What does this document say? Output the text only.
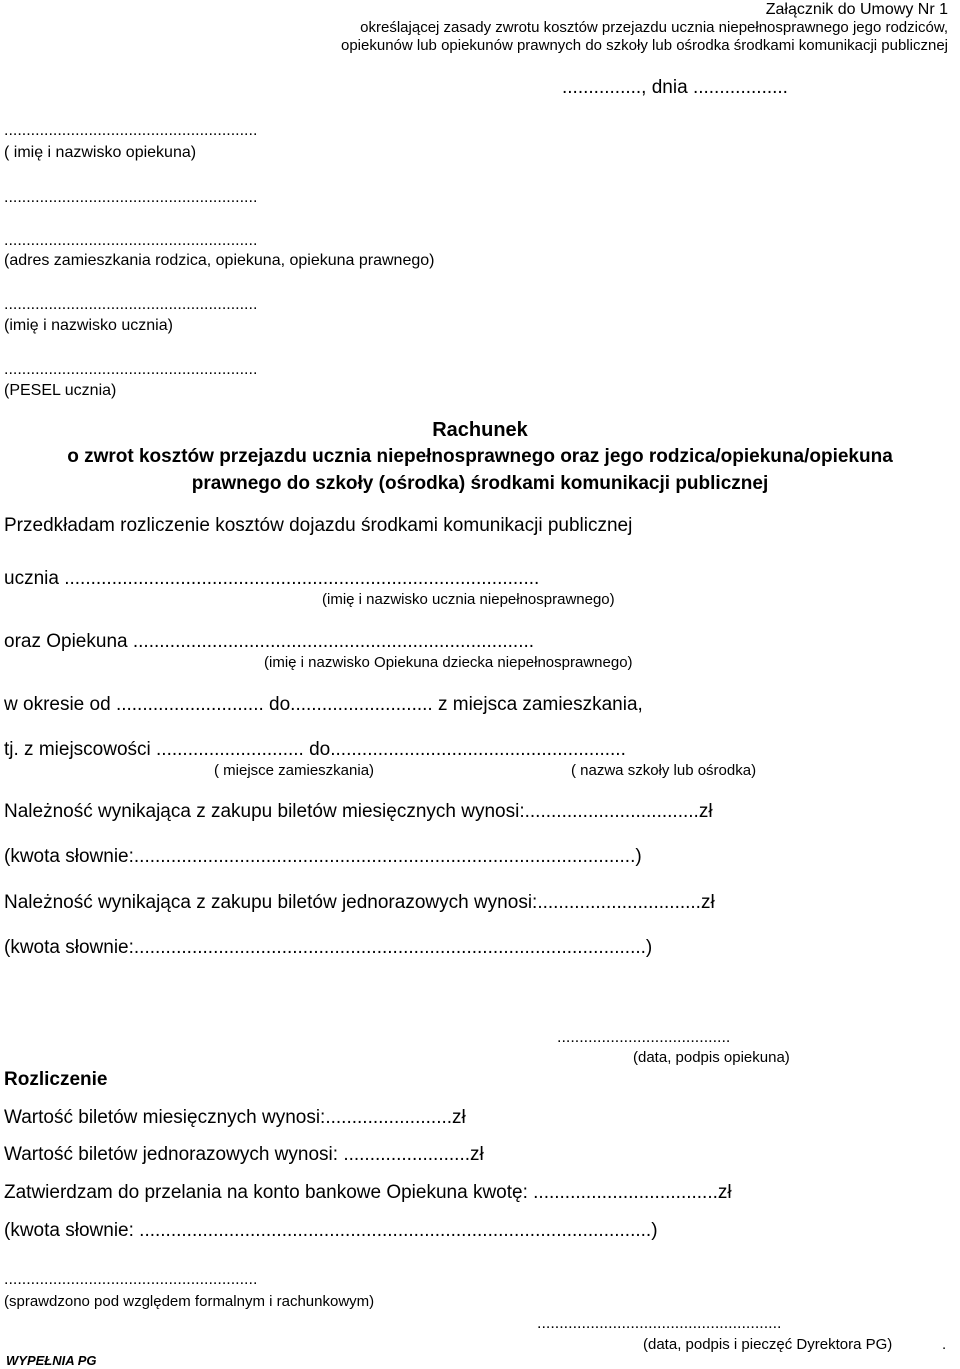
Załącznik do Umowy Nr 1
określającej zasady zwrotu kosztów przejazdu ucznia niepełnosprawnego jego rodziców,
opiekunów lub opiekunów prawnych do szkoły lub ośrodka środkami komunikacji publicznej
..............., dnia ..................
.........................................................
( imię i nazwisko opiekuna)
.........................................................
.........................................................
(adres zamieszkania rodzica, opiekuna, opiekuna prawnego)
.........................................................
(imię i nazwisko ucznia)
.........................................................
(PESEL ucznia)
Rachunek
o zwrot kosztów przejazdu ucznia niepełnosprawnego oraz jego rodzica/opiekuna/opiekuna
prawnego do szkoły (ośrodka) środkami komunikacji publicznej
Przedkładam rozliczenie kosztów dojazdu środkami komunikacji publicznej
ucznia ..........................................................................................
(imię i nazwisko ucznia niepełnosprawnego)
oraz Opiekuna ............................................................................
(imię i nazwisko Opiekuna dziecka niepełnosprawnego)
w okresie od ............................ do........................... z miejsca zamieszkania,
tj. z miejscowości ............................ do........................................................
( miejsce zamieszkania)	( nazwa szkoły lub ośrodka)
Należność wynikająca z zakupu biletów miesięcznych wynosi:.................................zł
(kwota słownie:...............................................................................................)
Należność wynikająca z zakupu biletów jednorazowych wynosi:...............................zł
(kwota słownie:.................................................................................................)
.......................................
(data, podpis opiekuna)
Rozliczenie
Wartość biletów miesięcznych wynosi:........................zł
Wartość biletów jednorazowych wynosi: ........................zł
Zatwierdzam do przelania na konto bankowe Opiekuna kwotę: ...................................zł
(kwota słownie: .................................................................................................)
.........................................................
(sprawdzono pod względem formalnym i rachunkowym)
.......................................................
(data, podpis i pieczęć Dyrektora PG)	.
WYPEŁNIA PG
